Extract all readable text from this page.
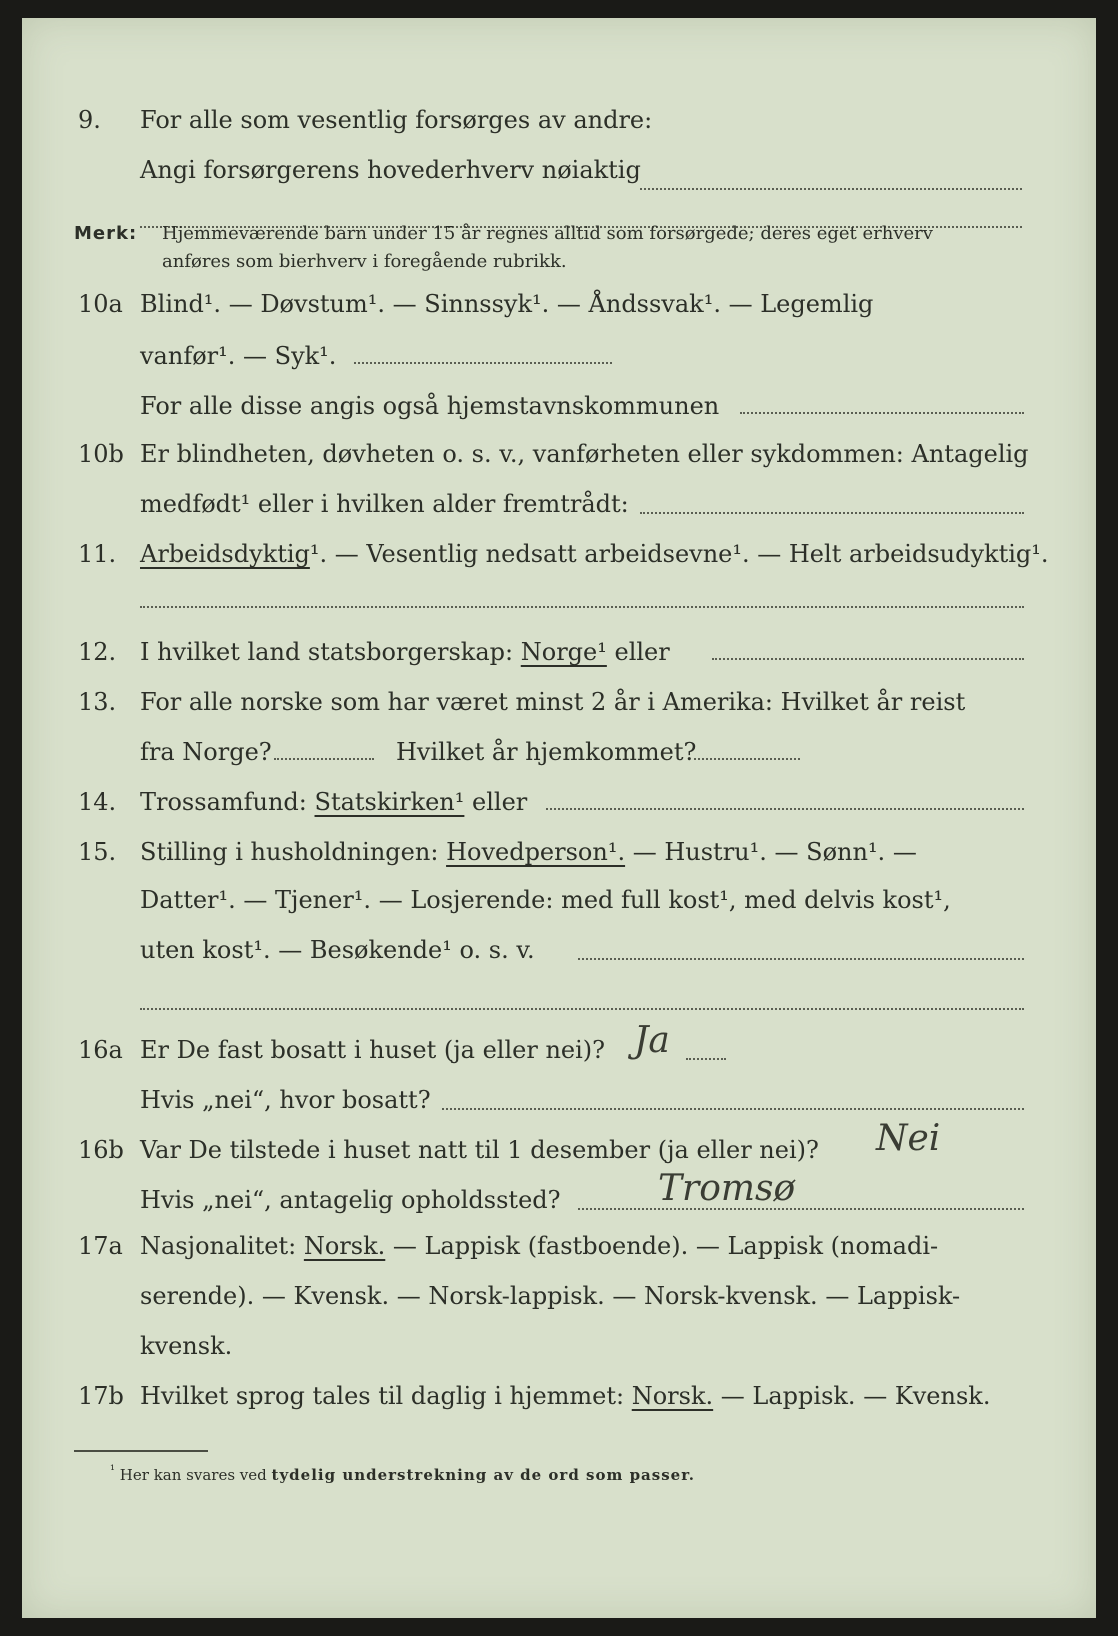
9. For alle som vesentlig forsørges av andre:
Angi forsørgerens hovederhverv nøiaktig
Merk: Hjemmeværende barn under 15 år regnes alltid som forsørgede; deres eget erhverv
anføres som bierhverv i foregående rubrikk.
10a Blind¹. — Døvstum¹. — Sinnssyk¹. — Åndssvak¹. — Legemlig
vanfør¹. — Syk¹.
For alle disse angis også hjemstavnskommunen
10b Er blindheten, døvheten o. s. v., vanførheten eller sykdommen: Antagelig
medfødt¹ eller i hvilken alder fremtrådt:
11. Arbeidsdyktig¹. — Vesentlig nedsatt arbeidsevne¹. — Helt arbeidsudyktig¹.
12. I hvilket land statsborgerskap: Norge¹ eller
13. For alle norske som har været minst 2 år i Amerika: Hvilket år reist
fra Norge?	Hvilket år hjemkommet?
14. Trossamfund: Statskirken¹ eller
15. Stilling i husholdningen: Hovedperson¹. — Hustru¹. — Sønn¹. —
Datter¹. — Tjener¹. — Losjerende: med full kost¹, med delvis kost¹,
uten kost¹. — Besøkende¹ o. s. v.
16a Er De fast bosatt i huset (ja eller nei)? Ja
Hvis „nei“, hvor bosatt?
16b Var De tilstede i huset natt til 1 desember (ja eller nei)? Nei
Hvis „nei“, antagelig opholdssted?	Tromsø
17a Nasjonalitet: Norsk. — Lappisk (fastboende). — Lappisk (nomadi-
serende). — Kvensk. — Norsk-lappisk. — Norsk-kvensk. — Lappisk-
kvensk.
17b Hvilket sprog tales til daglig i hjemmet: Norsk. — Lappisk. — Kvensk.
$^{^1}$ Her kan svares ved tydelig understrekning av de ord som passer.
